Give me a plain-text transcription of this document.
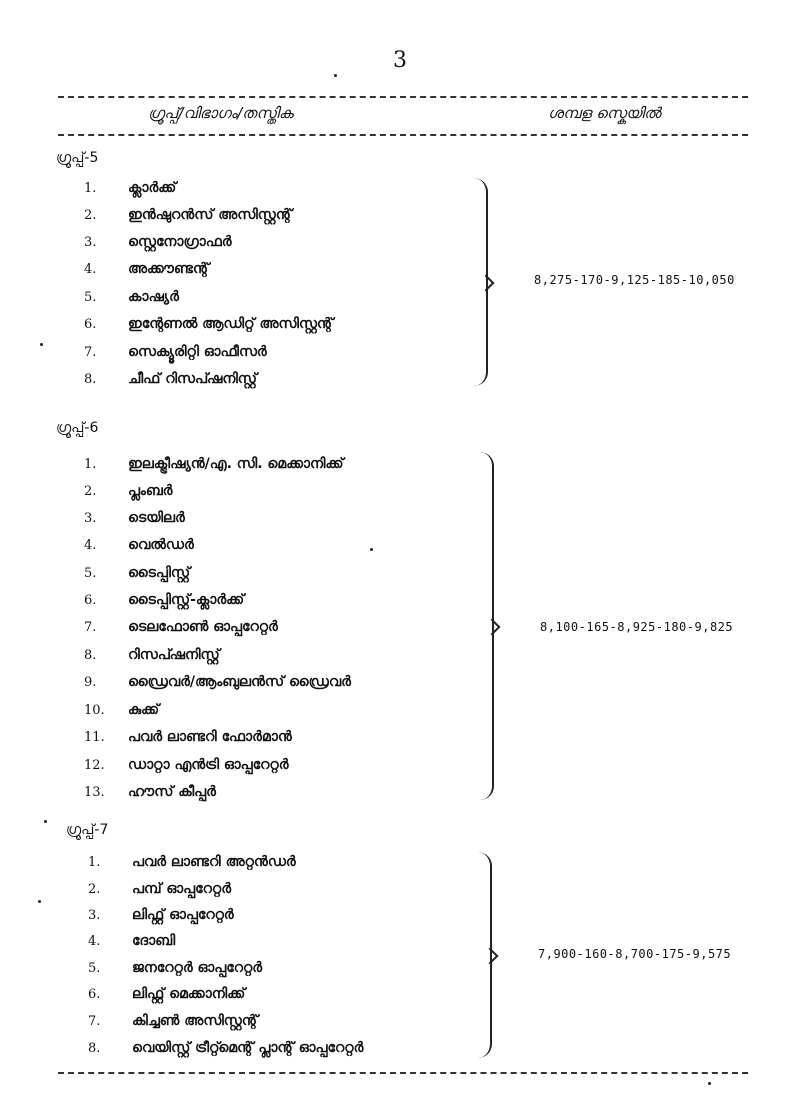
3
ഗ്രൂപ്പ്/വിഭാഗം/തസ്തിക	ശമ്പള സ്കെയിൽ
ഗ്രൂപ്പ്-5
1. ക്ലാർക്ക്
2. ഇൻഷുറൻസ് അസിസ്റ്റന്റ്
3. സ്റ്റെനോഗ്രാഫർ
4. അക്കൗണ്ടന്റ്
5. കാഷ്യർ
6. ഇന്റേണൽ ആഡിറ്റ് അസിസ്റ്റന്റ്
7. സെക്യൂരിറ്റി ഓഫീസർ
8. ചീഫ് റിസപ്ഷനിസ്റ്റ്
8,275-170-9,125-185-10,050
ഗ്രൂപ്പ്-6
1. ഇലക്ട്രീഷ്യൻ/എ. സി. മെക്കാനിക്ക്
2. പ്ലംബർ
3. ടെയിലർ
4. വെൽഡർ
5. ടൈപ്പിസ്റ്റ്
6. ടൈപ്പിസ്റ്റ്-ക്ലാർക്ക്
7. ടെലഫോൺ ഓപ്പറേറ്റർ
8. റിസപ്ഷനിസ്റ്റ്
9. ഡ്രൈവർ/ആംബുലൻസ് ഡ്രൈവർ
10. കുക്ക്
11. പവർ ലാണ്ടറി ഫോർമാൻ
12. ഡാറ്റാ എൻട്രി ഓപ്പറേറ്റർ
13. ഹൗസ് കീപ്പർ
8,100-165-8,925-180-9,825
ഗ്രൂപ്പ്-7
1. പവർ ലാണ്ടറി അറ്റൻഡർ
2. പമ്പ് ഓപ്പറേറ്റർ
3. ലിഫ്റ്റ് ഓപ്പറേറ്റർ
4. ദോബി
5. ജനറേറ്റർ ഓപ്പറേറ്റർ
6. ലിഫ്റ്റ് മെക്കാനിക്ക്
7. കിച്ചൺ അസിസ്റ്റന്റ്
8. വെയിസ്റ്റ് ട്രീറ്റ്മെന്റ് പ്ലാന്റ് ഓപ്പറേറ്റർ
7,900-160-8,700-175-9,575
